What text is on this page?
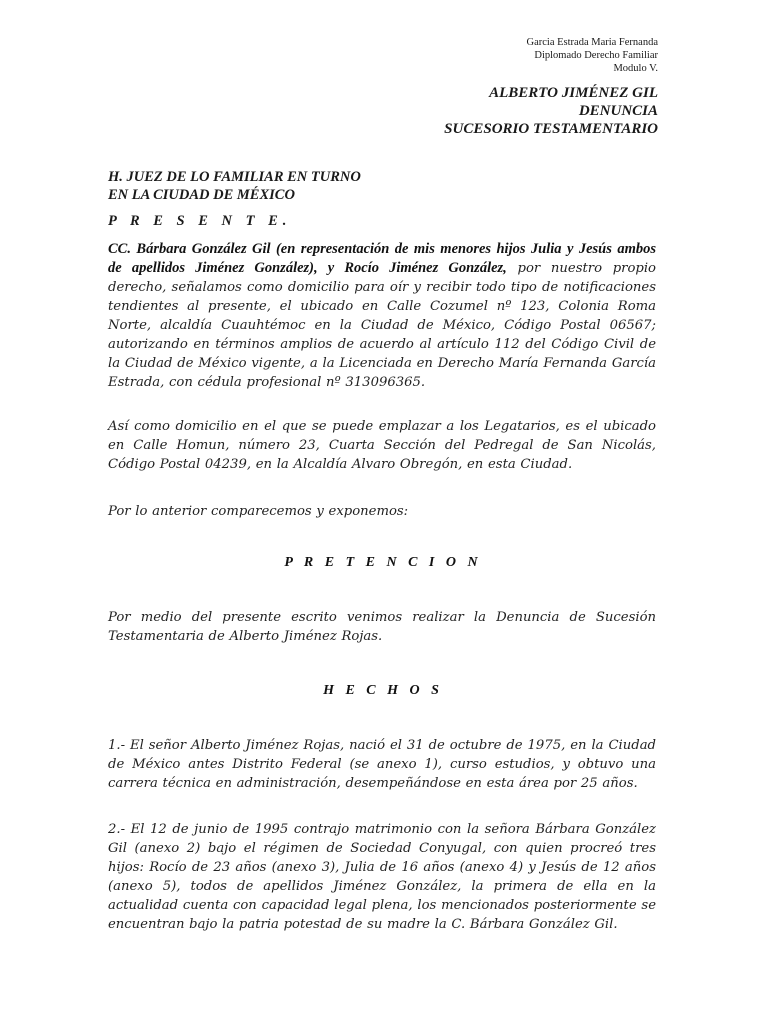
Garcia Estrada Maria Fernanda
Diplomado Derecho Familiar
Modulo V.
ALBERTO JIMÉNEZ GIL
DENUNCIA
SUCESORIO TESTAMENTARIO
H. JUEZ DE LO FAMILIAR EN TURNO
EN LA CIUDAD DE MÉXICO
P R E S E N T E.
CC. Bárbara González Gil (en representación de mis menores hijos Julia y Jesús ambos de apellidos Jiménez González), y Rocío Jiménez González, por nuestro propio derecho, señalamos como domicilio para oír y recibir todo tipo de notificaciones tendientes al presente, el ubicado en Calle Cozumel nº 123, Colonia Roma Norte, alcaldía Cuauhtémoc en la Ciudad de México, Código Postal 06567; autorizando en términos amplios de acuerdo al artículo 112 del Código Civil de la Ciudad de México vigente, a la Licenciada en Derecho María Fernanda García Estrada, con cédula profesional nº 313096365.
Así como domicilio en el que se puede emplazar a los Legatarios, es el ubicado en Calle Homun, número 23, Cuarta Sección del Pedregal de San Nicolás, Código Postal 04239, en la Alcaldía Alvaro Obregón, en esta Ciudad.
Por lo anterior comparecemos y exponemos:
P R E T E N C I O N
Por medio del presente escrito venimos realizar la Denuncia de Sucesión Testamentaria de Alberto Jiménez Rojas.
H E C H O S
1.- El señor Alberto Jiménez Rojas, nació el 31 de octubre de 1975, en la Ciudad de México antes Distrito Federal (se anexo 1), curso estudios, y obtuvo una carrera técnica en administración, desempeñándose en esta área por 25 años.
2.- El 12 de junio de 1995 contrajo matrimonio con la señora Bárbara González Gil (anexo 2) bajo el régimen de Sociedad Conyugal, con quien procreó tres hijos: Rocío de 23 años (anexo 3), Julia de 16 años (anexo 4) y Jesús de 12 años (anexo 5), todos de apellidos Jiménez González, la primera de ella en la actualidad cuenta con capacidad legal plena, los mencionados posteriormente se encuentran bajo la patria potestad de su madre la C. Bárbara González Gil.
